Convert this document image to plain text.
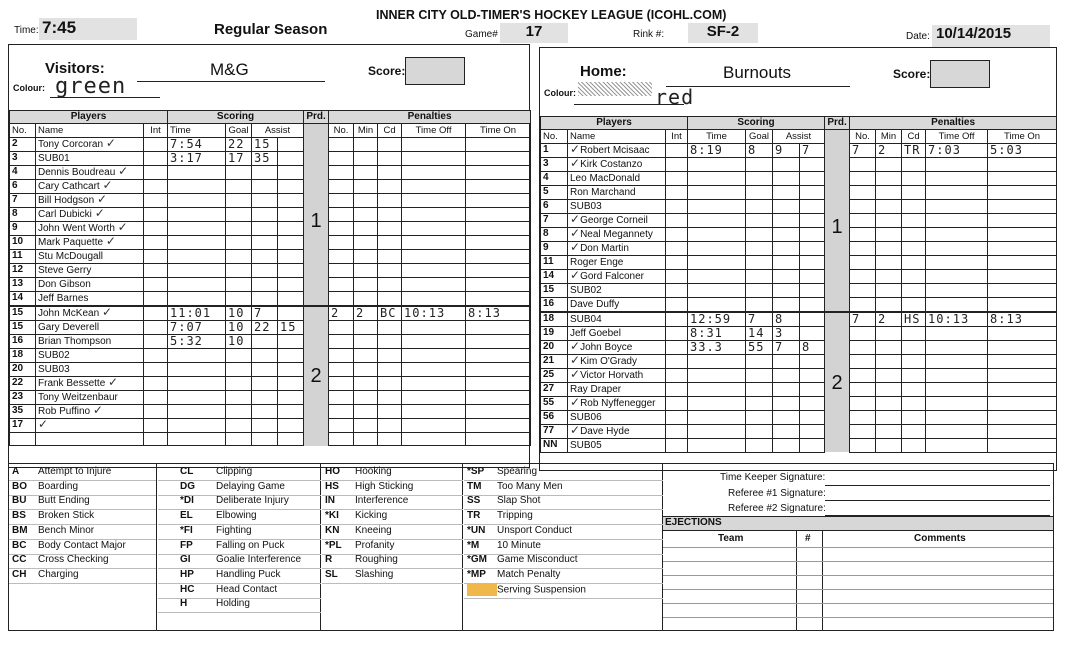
INNER CITY OLD-TIMER'S HOCKEY LEAGUE (ICOHL.COM)
Time: 7:45	Regular Season	Game#	17	Rink #:	SF-2	Date: 10/14/2015
Visitors:	M&G
Colour: green
Score:	Home:	Burnouts
Colour:	red
Score:
Players			Scoring				Prd.	Penalties				
No.	Name	Int	Time	Goal	Assist			No.	Min	Cd	Time Off	Time On
2	Tony Corcoran ✓		7:54	22	15		1					
3	SUB01		3:17	17	35							
4	Dennis Boudreau ✓											
6	Cary Cathcart ✓											
7	Bill Hodgson ✓											
8	Carl Dubicki ✓											
9	John Went Worth ✓											
10	Mark Paquette ✓											
11	Stu McDougall											
12	Steve Gerry											
13	Don Gibson											
14	Jeff Barnes											
15	John McKean ✓		11:01	10	7		2	2	2	BC	10:13	8:13
15	Gary Deverell		7:07	10	22	15						
16	Brian Thompson		5:32	10								
18	SUB02											
20	SUB03											
22	Frank Bessette ✓											
23	Tony Weitzenbaur											
35	Rob Puffino ✓											
17	✓											

Players			Scoring				Prd.	Penalties				
No.	Name	Int	Time	Goal	Assist			No.	Min	Cd	Time Off	Time On
1	✓Robert Mcisaac		8:19	8	9	7	1	7	2	TR	7:03	5:03
3	✓Kirk Costanzo											
4	Leo MacDonald											
5	Ron Marchand											
6	SUB03											
7	✓George Corneil											
8	✓Neal Megannety											
9	✓Don Martin											
11	Roger Enge											
14	✓Gord Falconer											
15	SUB02											
16	Dave Duffy											
18	SUB04		12:59	7	8		2	7	2	HS	10:13	8:13
19	Jeff Goebel		8:31	14	3							
20	✓John Boyce		33.3	55	7	8						
21	✓Kim O'Grady											
25	✓Victor Horvath											
27	Ray Draper											
55	✓Rob Nyffenegger											
56	SUB06											
77	✓Dave Hyde											
NN	SUB05											
A Attempt to Injure
BO Boarding
BU Butt Ending
BS Broken Stick
BM Bench Minor
BC Body Contact Major
CC Cross Checking
CH Charging
CL Clipping
DG Delaying Game
*DI Deliberate Injury
EL Elbowing
*FI Fighting
FP Falling on Puck
GI	Goalie Interference
HP Handling Puck
HC Head Contact
H	Holding
HO Hooking
HS High Sticking
IN Interference
*KI Kicking
KN Kneeing
*PL Profanity
R Roughing
SL Slashing
*SP Spearing
TM Too Many Men
SS Slap Shot
TR Tripping
*UN Unsport Conduct
*M 10 Minute
*GM Game Misconduct
*MP Match Penalty
Serving Suspension
Time Keeper Signature:
Referee #1 Signature:
Referee #2 Signature:
EJECTIONS
Team	#	Comments
